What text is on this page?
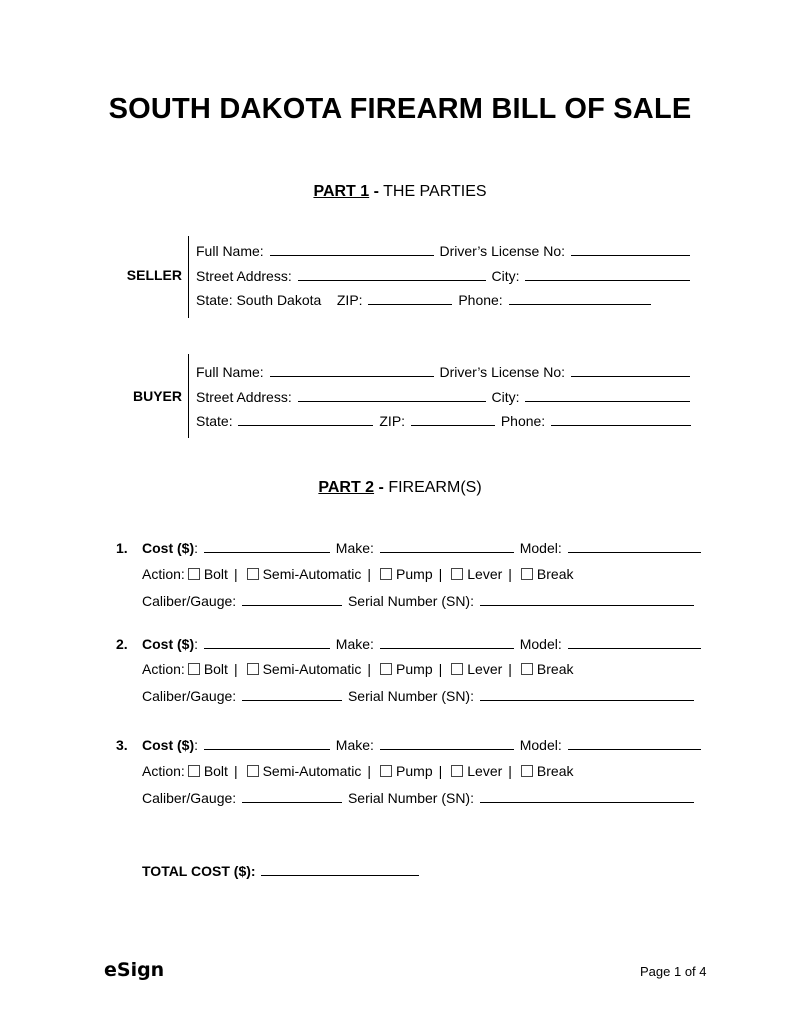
SOUTH DAKOTA FIREARM BILL OF SALE
PART 1 - THE PARTIES
SELLER
Full Name:	Driver’s License No:
Street Address:	City:
State: South Dakota ZIP:	Phone:
BUYER
Full Name:	Driver’s License No:
Street Address:	City:
State:	ZIP:	Phone:
PART 2 - FIREARM(S)
1. Cost ($):	Make:	Model:
Action: Bolt | Semi-Automatic | Pump | Lever | Break
Caliber/Gauge:	Serial Number (SN):
2. Cost ($):	Make:	Model:
Action: Bolt | Semi-Automatic | Pump | Lever | Break
Caliber/Gauge:	Serial Number (SN):
3. Cost ($):	Make:	Model:
Action: Bolt | Semi-Automatic | Pump | Lever | Break
Caliber/Gauge:	Serial Number (SN):
TOTAL COST ($):
eSign	Page 1 of 4
